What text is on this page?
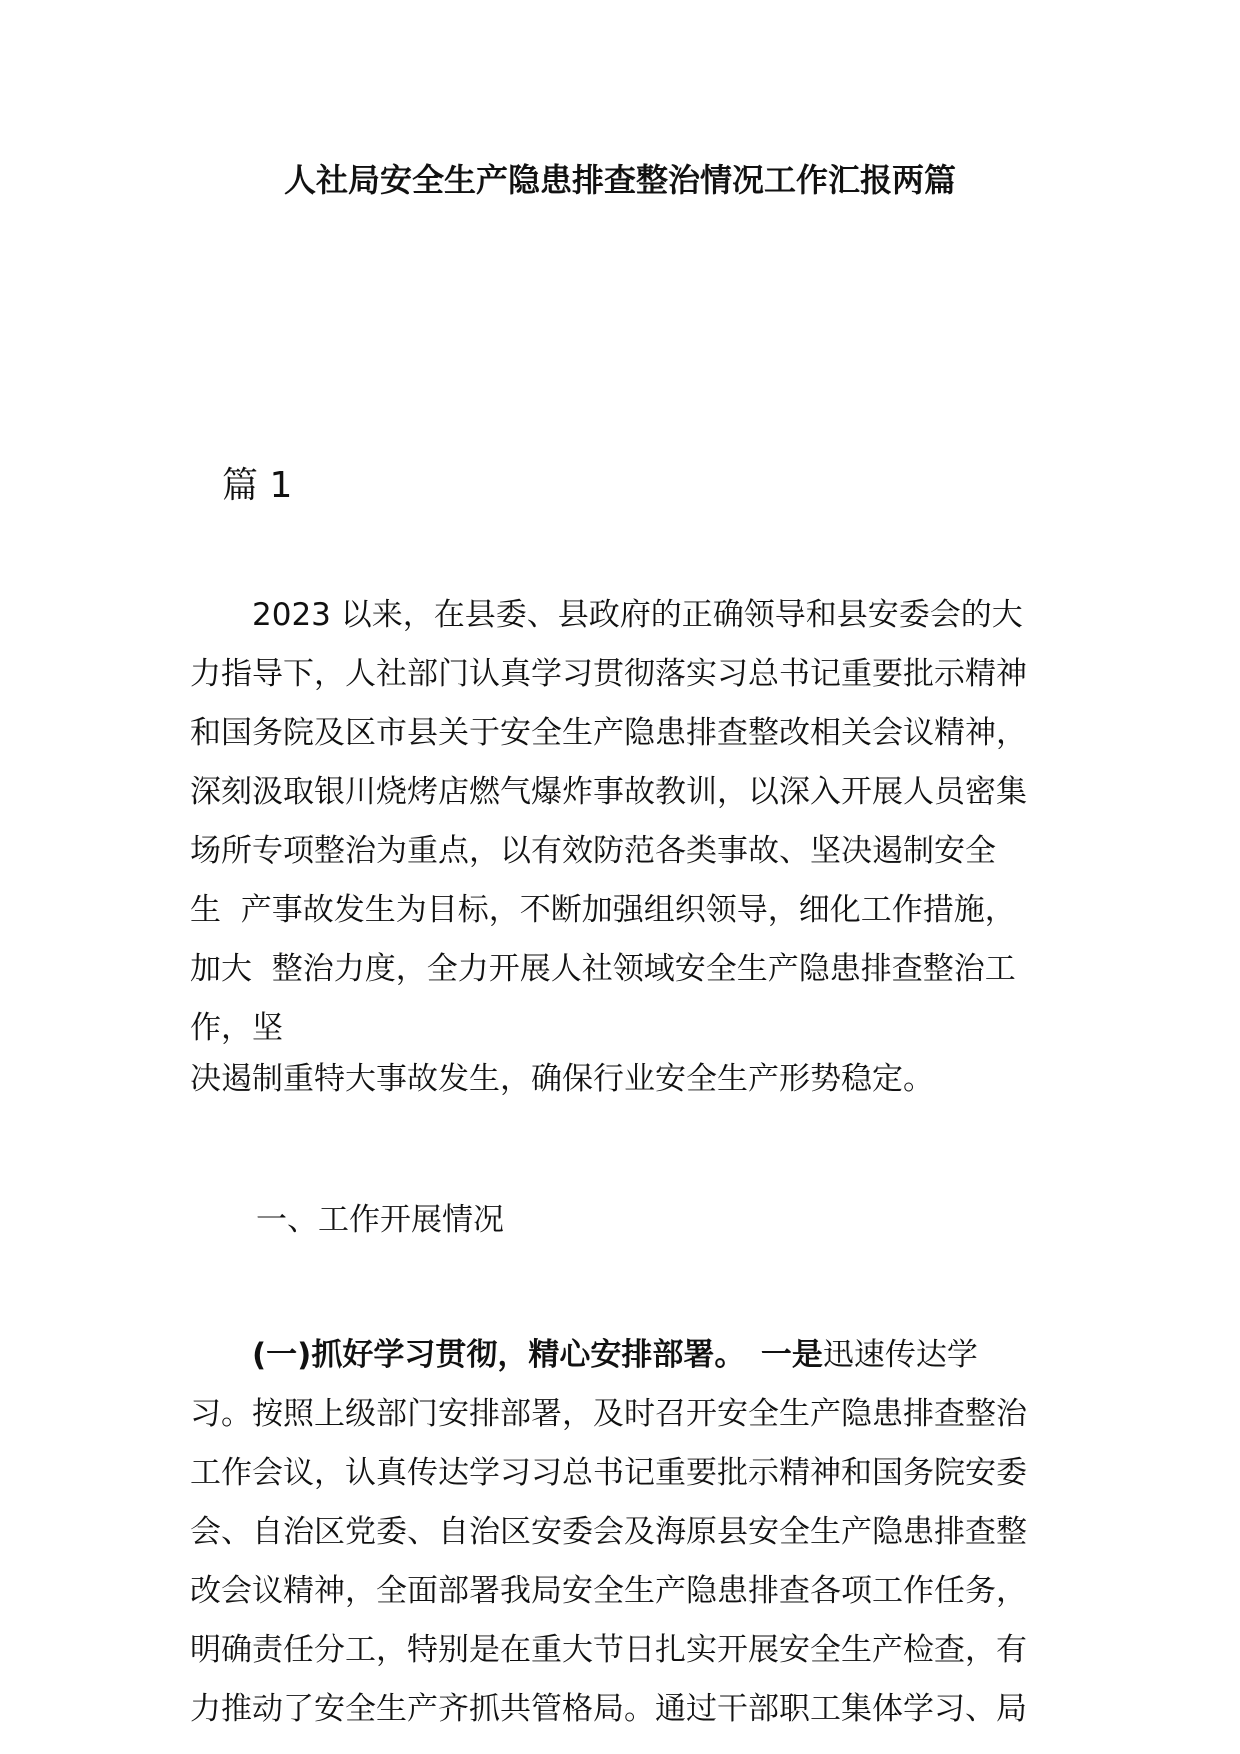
人社局安全生产隐患排查整治情况工作汇报两篇
篇 1
　　2023 以来，在县委、县政府的正确领导和县安委会的大
力指导下，人社部门认真学习贯彻落实习总书记重要批示精神
和国务院及区市县关于安全生产隐患排查整改相关会议精神，
深刻汲取银川烧烤店燃气爆炸事故教训，以深入开展人员密集
场所专项整治为重点，以有效防范各类事故、坚决遏制安全
生  产事故发生为目标，不断加强组织领导，细化工作措施，
加大  整治力度，全力开展人社领域安全生产隐患排查整治工
作，坚
决遏制重特大事故发生，确保行业安全生产形势稳定。
一、工作开展情况
　　(一)抓好学习贯彻，精心安排部署。　 一是迅速传达学
习。按照上级部门安排部署，及时召开安全生产隐患排查整治
工作会议，认真传达学习习总书记重要批示精神和国务院安委
会、自治区党委、自治区安委会及海原县安全生产隐患排查整
改会议精神，全面部署我局安全生产隐患排查各项工作任务，
明确责任分工，特别是在重大节日扎实开展安全生产检查，有
力推动了安全生产齐抓共管格局。通过干部职工集体学习、局
